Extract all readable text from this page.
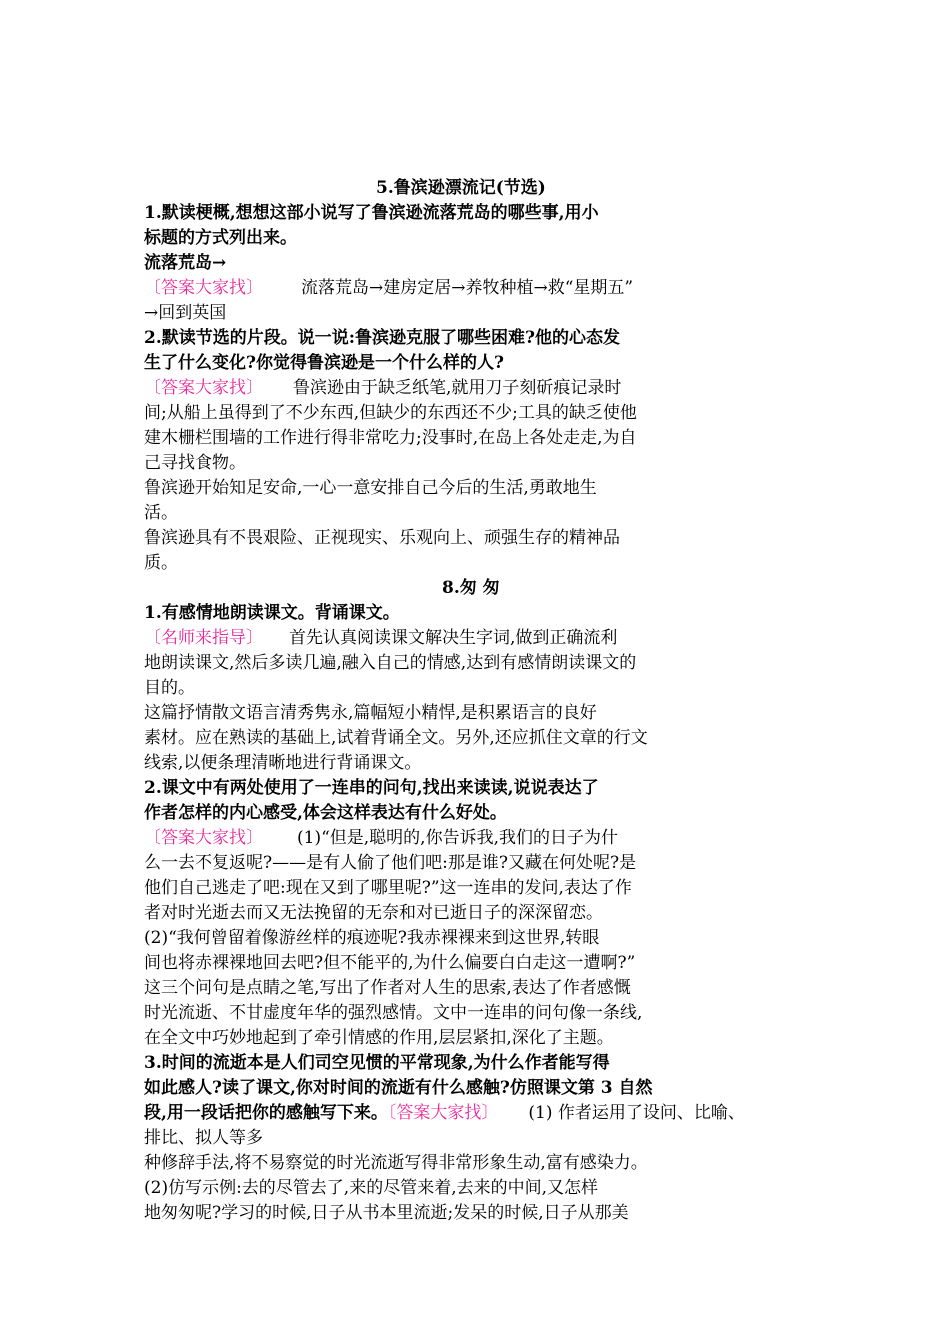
5.鲁滨逊漂流记(节选)
1.默读梗概,想想这部小说写了鲁滨逊流落荒岛的哪些事,用小
标题的方式列出来。
流落荒岛→
〔答案大家找〕 流落荒岛→建房定居→养牧种植→救“星期五”
→回到英国
2.默读节选的片段。说一说:鲁滨逊克服了哪些困难?他的心态发
生了什么变化?你觉得鲁滨逊是一个什么样的人?
〔答案大家找〕 鲁滨逊由于缺乏纸笔,就用刀子刻斫痕记录时
间;从船上虽得到了不少东西,但缺少的东西还不少;工具的缺乏使他
建木栅栏围墙的工作进行得非常吃力;没事时,在岛上各处走走,为自
己寻找食物。
鲁滨逊开始知足安命,一心一意安排自己今后的生活,勇敢地生
活。
鲁滨逊具有不畏艰险、正视现实、乐观向上、顽强生存的精神品
质。
8.匆 匆
1.有感情地朗读课文。背诵课文。
〔名师来指导〕 首先认真阅读课文解决生字词,做到正确流利
地朗读课文,然后多读几遍,融入自己的情感,达到有感情朗读课文的
目的。
这篇抒情散文语言清秀隽永,篇幅短小精悍,是积累语言的良好
素材。应在熟读的基础上,试着背诵全文。另外,还应抓住文章的行文
线索,以便条理清晰地进行背诵课文。
2.课文中有两处使用了一连串的问句,找出来读读,说说表达了
作者怎样的内心感受,体会这样表达有什么好处。
〔答案大家找〕 (1)“但是,聪明的,你告诉我,我们的日子为什
么一去不复返呢?——是有人偷了他们吧:那是谁?又藏在何处呢?是
他们自己逃走了吧:现在又到了哪里呢?”这一连串的发问,表达了作
者对时光逝去而又无法挽留的无奈和对已逝日子的深深留恋。
(2)“我何曾留着像游丝样的痕迹呢?我赤裸裸来到这世界,转眼
间也将赤裸裸地回去吧?但不能平的,为什么偏要白白走这一遭啊?”
这三个问句是点睛之笔,写出了作者对人生的思索,表达了作者感慨
时光流逝、不甘虚度年华的强烈感情。文中一连串的问句像一条线,
在全文中巧妙地起到了牵引情感的作用,层层紧扣,深化了主题。
3.时间的流逝本是人们司空见惯的平常现象,为什么作者能写得
如此感人?读了课文,你对时间的流逝有什么感触?仿照课文第 3 自然
段,用一段话把你的感触写下来。〔答案大家找〕 (1) 作者运用了设问、比喻、
排比、拟人等多
种修辞手法,将不易察觉的时光流逝写得非常形象生动,富有感染力。
(2)仿写示例:去的尽管去了,来的尽管来着,去来的中间,又怎样
地匆匆呢?学习的时候,日子从书本里流逝;发呆的时候,日子从那美
